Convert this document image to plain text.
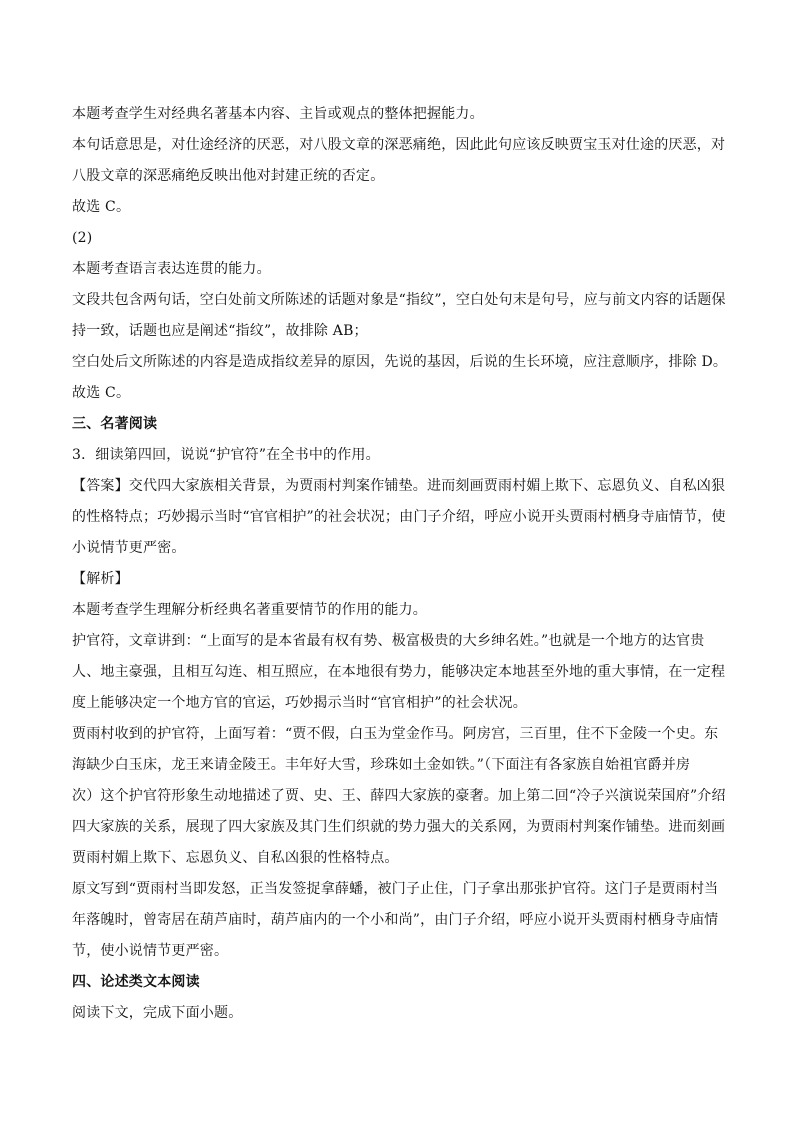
本题考查学生对经典名著基本内容、主旨或观点的整体把握能力。

本句话意思是，对仕途经济的厌恶，对八股文章的深恶痛绝，因此此句应该反映贾宝玉对仕途的厌恶，对

八股文章的深恶痛绝反映出他对封建正统的否定。

故选 C。

(2)

本题考查语言表达连贯的能力。

文段共包含两句话，空白处前文所陈述的话题对象是“指纹”，空白处句末是句号，应与前文内容的话题保

持一致，话题也应是阐述“指纹”，故排除 AB；

空白处后文所陈述的内容是造成指纹差异的原因，先说的基因，后说的生长环境，应注意顺序，排除 D。

故选 C。

三、名著阅读

3．细读第四回，说说“护官符”在全书中的作用。

【答案】交代四大家族相关背景，为贾雨村判案作铺垫。进而刻画贾雨村媚上欺下、忘恩负义、自私凶狠

的性格特点；巧妙揭示当时“官官相护”的社会状况；由门子介绍，呼应小说开头贾雨村栖身寺庙情节，使

小说情节更严密。

【解析】

本题考查学生理解分析经典名著重要情节的作用的能力。

护官符，文章讲到：“上面写的是本省最有权有势、极富极贵的大乡绅名姓。”也就是一个地方的达官贵

人、地主豪强，且相互勾连、相互照应，在本地很有势力，能够决定本地甚至外地的重大事情，在一定程

度上能够决定一个地方官的官运，巧妙揭示当时“官官相护”的社会状况。

贾雨村收到的护官符，上面写着：“贾不假，白玉为堂金作马。阿房宫，三百里，住不下金陵一个史。东

海缺少白玉床，龙王来请金陵王。丰年好大雪，珍珠如土金如铁。”（下面注有各家族自始祖官爵并房

次）这个护官符形象生动地描述了贾、史、王、薛四大家族的豪奢。加上第二回“冷子兴演说荣国府”介绍

四大家族的关系，展现了四大家族及其门生们织就的势力强大的关系网，为贾雨村判案作铺垫。进而刻画

贾雨村媚上欺下、忘恩负义、自私凶狠的性格特点。

原文写到“贾雨村当即发怒，正当发签捉拿薛蟠，被门子止住，门子拿出那张护官符。这门子是贾雨村当

年落魄时，曾寄居在葫芦庙时，葫芦庙内的一个小和尚”，由门子介绍，呼应小说开头贾雨村栖身寺庙情

节，使小说情节更严密。

四、论述类文本阅读

阅读下文，完成下面小题。
